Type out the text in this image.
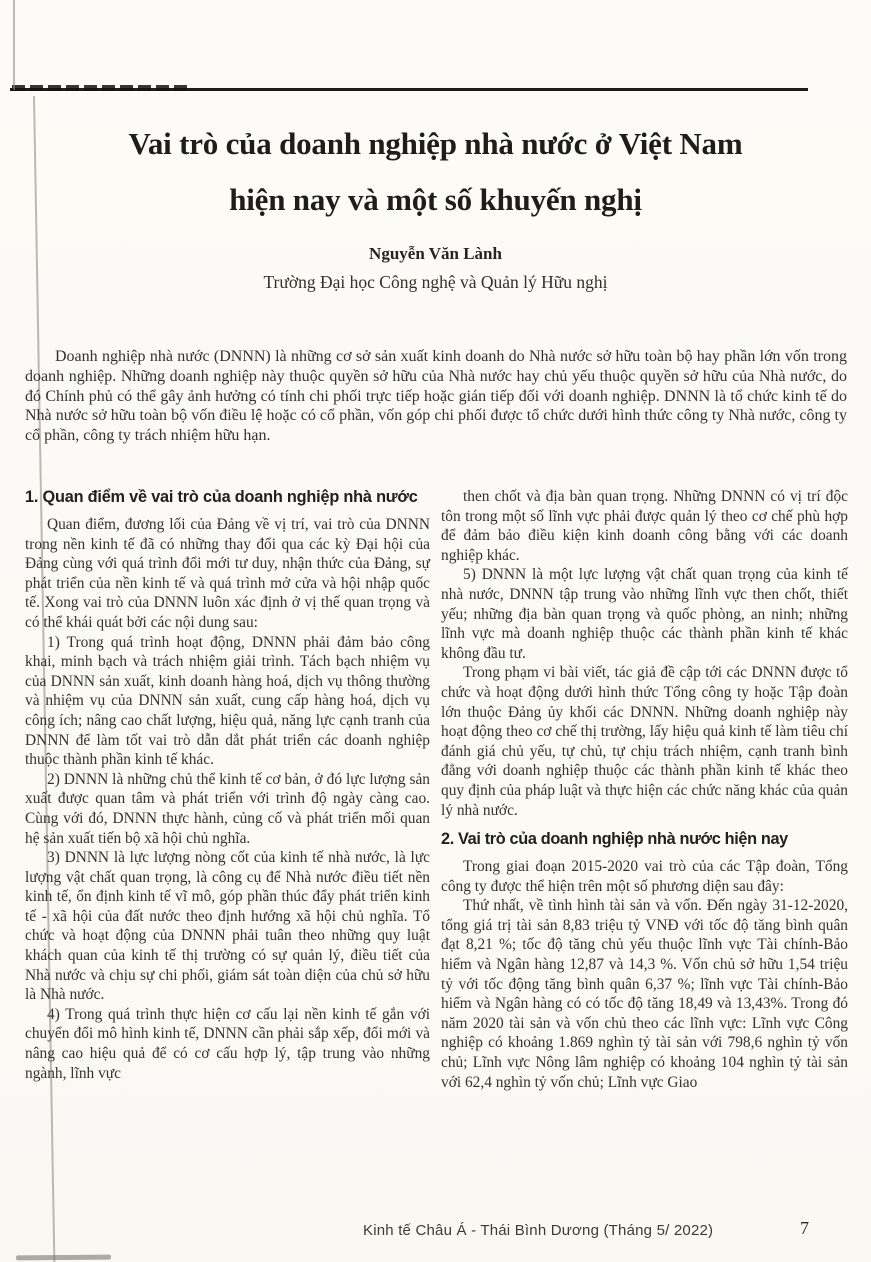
Vai trò của doanh nghiệp nhà nước ở Việt Nam
hiện nay và một số khuyến nghị
Nguyễn Văn Lành
Trường Đại học Công nghệ và Quản lý Hữu nghị
Doanh nghiệp nhà nước (DNNN) là những cơ sở sản xuất kinh doanh do Nhà nước sở hữu toàn bộ hay phần lớn vốn trong doanh nghiệp. Những doanh nghiệp này thuộc quyền sở hữu của Nhà nước hay chủ yếu thuộc quyền sở hữu của Nhà nước, do đó Chính phủ có thể gây ảnh hưởng có tính chi phối trực tiếp hoặc gián tiếp đối với doanh nghiệp. DNNN là tổ chức kinh tế do Nhà nước sở hữu toàn bộ vốn điều lệ hoặc có cổ phần, vốn góp chi phối được tổ chức dưới hình thức công ty Nhà nước, công ty cổ phần, công ty trách nhiệm hữu hạn.
1. Quan điểm về vai trò của doanh nghiệp nhà nước

Quan điểm, đương lối của Đảng về vị trí, vai trò của DNNN trong nền kinh tế đã có những thay đổi qua các kỳ Đại hội của Đảng cùng với quá trình đổi mới tư duy, nhận thức của Đảng, sự phát triển của nền kinh tế và quá trình mở cửa và hội nhập quốc tế. Xong vai trò của DNNN luôn xác định ở vị thế quan trọng và có thể khái quát bởi các nội dung sau:

1) Trong quá trình hoạt động, DNNN phải đảm bảo công khai, minh bạch và trách nhiệm giải trình. Tách bạch nhiệm vụ của DNNN sản xuất, kinh doanh hàng hoá, dịch vụ thông thường và nhiệm vụ của DNNN sản xuất, cung cấp hàng hoá, dịch vụ công ích; nâng cao chất lượng, hiệu quả, năng lực cạnh tranh của DNNN để làm tốt vai trò dẫn dắt phát triển các doanh nghiệp thuộc thành phần kinh tế khác.

2) DNNN là những chủ thể kinh tế cơ bản, ở đó lực lượng sản xuất được quan tâm và phát triển với trình độ ngày càng cao. Cùng với đó, DNNN thực hành, củng cố và phát triển mối quan hệ sản xuất tiến bộ xã hội chủ nghĩa.

3) DNNN là lực lượng nòng cốt của kinh tế nhà nước, là lực lượng vật chất quan trọng, là công cụ để Nhà nước điều tiết nền kinh tế, ổn định kinh tế vĩ mô, góp phần thúc đẩy phát triển kinh tế - xã hội của đất nước theo định hướng xã hội chủ nghĩa. Tổ chức và hoạt động của DNNN phải tuân theo những quy luật khách quan của kinh tế thị trường có sự quản lý, điều tiết của Nhà nước và chịu sự chi phối, giám sát toàn diện của chủ sở hữu là Nhà nước.

4) Trong quá trình thực hiện cơ cấu lại nền kinh tế gắn với chuyển đổi mô hình kinh tế, DNNN cần phải sắp xếp, đổi mới và nâng cao hiệu quả để có cơ cấu hợp lý, tập trung vào những ngành, lĩnh vực

then chốt và địa bàn quan trọng. Những DNNN có vị trí độc tôn trong một số lĩnh vực phải được quản lý theo cơ chế phù hợp để đảm bảo điều kiện kinh doanh công bằng với các doanh nghiệp khác.

5) DNNN là một lực lượng vật chất quan trọng của kinh tế nhà nước, DNNN tập trung vào những lĩnh vực then chốt, thiết yếu; những địa bàn quan trọng và quốc phòng, an ninh; những lĩnh vực mà doanh nghiệp thuộc các thành phần kinh tế khác không đầu tư.

Trong phạm vi bài viết, tác giả đề cập tới các DNNN được tổ chức và hoạt động dưới hình thức Tổng công ty hoặc Tập đoàn lớn thuộc Đảng ủy khối các DNNN. Những doanh nghiệp này hoạt động theo cơ chế thị trường, lấy hiệu quả kinh tế làm tiêu chí đánh giá chủ yếu, tự chủ, tự chịu trách nhiệm, cạnh tranh bình đẳng với doanh nghiệp thuộc các thành phần kinh tế khác theo quy định của pháp luật và thực hiện các chức năng khác của quản lý nhà nước.

2. Vai trò của doanh nghiệp nhà nước hiện nay

Trong giai đoạn 2015-2020 vai trò của các Tập đoàn, Tổng công ty được thể hiện trên một số phương diện sau đây:

Thứ nhất, về tình hình tài sản và vốn. Đến ngày 31-12-2020, tổng giá trị tài sản 8,83 triệu tỷ VNĐ với tốc độ tăng bình quân đạt 8,21 %; tốc độ tăng chủ yếu thuộc lĩnh vực Tài chính-Bảo hiểm và Ngân hàng 12,87 và 14,3 %. Vốn chủ sở hữu 1,54 triệu tỷ với tốc động tăng bình quân 6,37 %; lĩnh vực Tài chính-Bảo hiểm và Ngân hàng có có tốc độ tăng 18,49 và 13,43%. Trong đó năm 2020 tài sản và vốn chủ theo các lĩnh vực: Lĩnh vực Công nghiệp có khoảng 1.869 nghìn tỷ tài sản với 798,6 nghìn tỷ vốn chủ; Lĩnh vực Nông lâm nghiệp có khoảng 104 nghìn tỷ tài sản với 62,4 nghìn tỷ vốn chủ; Lĩnh vực Giao

Kinh tế Châu Á - Thái Bình Dương (Tháng 5/ 2022)	7
